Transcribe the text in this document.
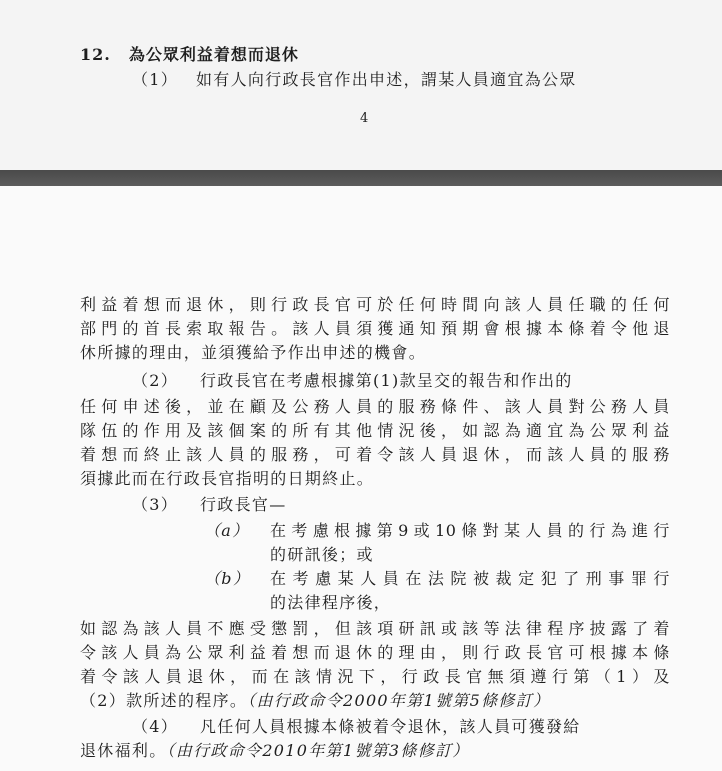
12. 為公眾利益着想而退休
（1） 如有人向行政長官作出申述，謂某人員適宜為公眾
4
利益着想而退休，則行政長官可於任何時間向該人員任職的任何
部門的首長索取報告。該人員須獲通知預期會根據本條着令他退
休所據的理由，並須獲給予作出申述的機會。
（2） 行政長官在考慮根據第(1)款呈交的報告和作出的
任何申述後，並在顧及公務人員的服務條件、該人員對公務人員
隊伍的作用及該個案的所有其他情況後，如認為適宜為公眾利益
着想而終止該人員的服務，可着令該人員退休，而該人員的服務
須據此而在行政長官指明的日期終止。
（3） 行政長官—
（a） 在考慮根據第9或10條對某人員的行為進行
的研訊後；或
（b） 在考慮某人員在法院被裁定犯了刑事罪行
的法律程序後，
如認為該人員不應受懲罰，但該項研訊或該等法律程序披露了着
令該人員為公眾利益着想而退休的理由，則行政長官可根據本條
着令該人員退休，而在該情況下，行政長官無須遵行第（1）及
（2）款所述的程序。（由行政命令2000年第1號第5條修訂）
（4） 凡任何人員根據本條被着令退休，該人員可獲發給
退休福利。（由行政命令2010年第1號第3條修訂）
